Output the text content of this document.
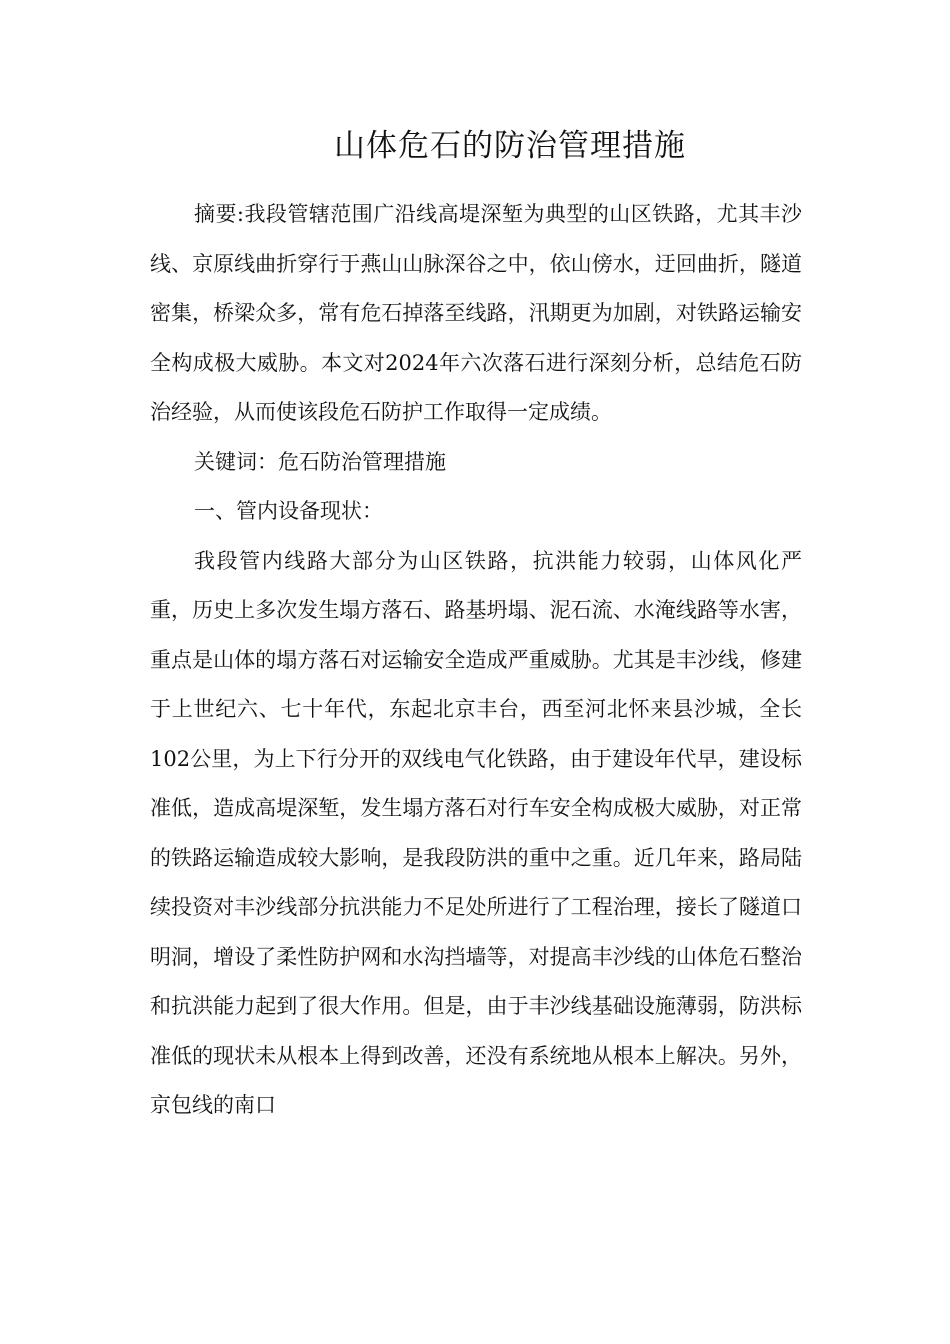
山体危石的防治管理措施

摘要:我段管辖范围广沿线高堤深堑为典型的山区铁路，尤其丰沙线、京原线曲折穿行于燕山山脉深谷之中，依山傍水，迂回曲折，隧道密集，桥梁众多，常有危石掉落至线路，汛期更为加剧，对铁路运输安全构成极大威胁。本文对2024年六次落石进行深刻分析，总结危石防治经验，从而使该段危石防护工作取得一定成绩。

关键词：危石防治管理措施

一、管内设备现状：

我段管内线路大部分为山区铁路，抗洪能力较弱，山体风化严重，历史上多次发生塌方落石、路基坍塌、泥石流、水淹线路等水害，重点是山体的塌方落石对运输安全造成严重威胁。尤其是丰沙线，修建于上世纪六、七十年代，东起北京丰台，西至河北怀来县沙城，全长102公里，为上下行分开的双线电气化铁路，由于建设年代早，建设标准低，造成高堤深堑，发生塌方落石对行车安全构成极大威胁，对正常的铁路运输造成较大影响，是我段防洪的重中之重。近几年来，路局陆续投资对丰沙线部分抗洪能力不足处所进行了工程治理，接长了隧道口明洞，增设了柔性防护网和水沟挡墙等，对提高丰沙线的山体危石整治和抗洪能力起到了很大作用。但是，由于丰沙线基础设施薄弱，防洪标准低的现状未从根本上得到改善，还没有系统地从根本上解决。另外，京包线的南口
